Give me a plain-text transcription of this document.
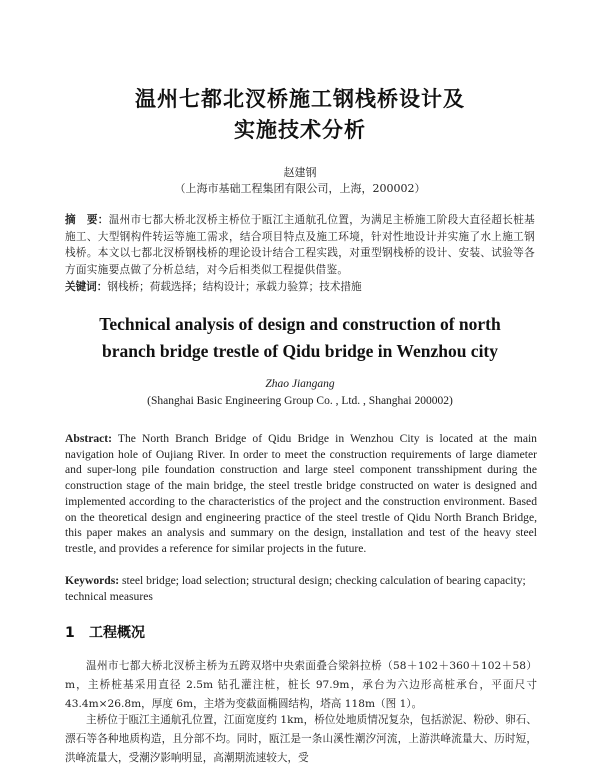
温州七都北汊桥施工钢栈桥设计及
实施技术分析
赵建钢
（上海市基础工程集团有限公司，上海，200002）
摘　要：温州市七都大桥北汊桥主桥位于瓯江主通航孔位置，为满足主桥施工阶段大直径超长桩基施工、大型钢构件转运等施工需求，结合项目特点及施工环境，针对性地设计并实施了水上施工钢栈桥。本文以七都北汊桥钢栈桥的理论设计结合工程实践，对重型钢栈桥的设计、安装、试验等各方面实施要点做了分析总结，对今后相类似工程提供借鉴。
关键词：钢栈桥；荷载选择；结构设计；承载力验算；技术措施
Technical analysis of design and construction of north
branch bridge trestle of Qidu bridge in Wenzhou city
Zhao Jiangang
(Shanghai Basic Engineering Group Co. , Ltd. , Shanghai 200002)
Abstract: The North Branch Bridge of Qidu Bridge in Wenzhou City is located at the main navigation hole of Oujiang River. In order to meet the construction requirements of large diameter and super-long pile foundation construction and large steel component transshipment during the construction stage of the main bridge, the steel trestle bridge constructed on water is designed and implemented according to the characteristics of the project and the construction environment. Based on the theoretical design and engineering practice of the steel trestle of Qidu North Branch Bridge, this paper makes an analysis and summary on the design, installation and test of the heavy steel trestle, and provides a reference for similar projects in the future.
Keywords: steel bridge; load selection; structural design; checking calculation of bearing capacity; technical measures
1 工程概况
温州市七都大桥北汊桥主桥为五跨双塔中央索面叠合梁斜拉桥（58＋102＋360＋102＋58）m，主桥桩基采用直径 2.5m 钻孔灌注桩，桩长 97.9m，承台为六边形高桩承台，平面尺寸 43.4m×26.8m，厚度 6m，主塔为变截面椭圆结构，塔高 118m（图 1）。
主桥位于瓯江主通航孔位置，江面宽度约 1km，桥位处地质情况复杂，包括淤泥、粉砂、卵石、漂石等各种地质构造，且分部不均。同时，瓯江是一条山溪性潮汐河流，上游洪峰流量大、历时短，洪峰流量大，受潮汐影响明显，高潮期流速较大，受
